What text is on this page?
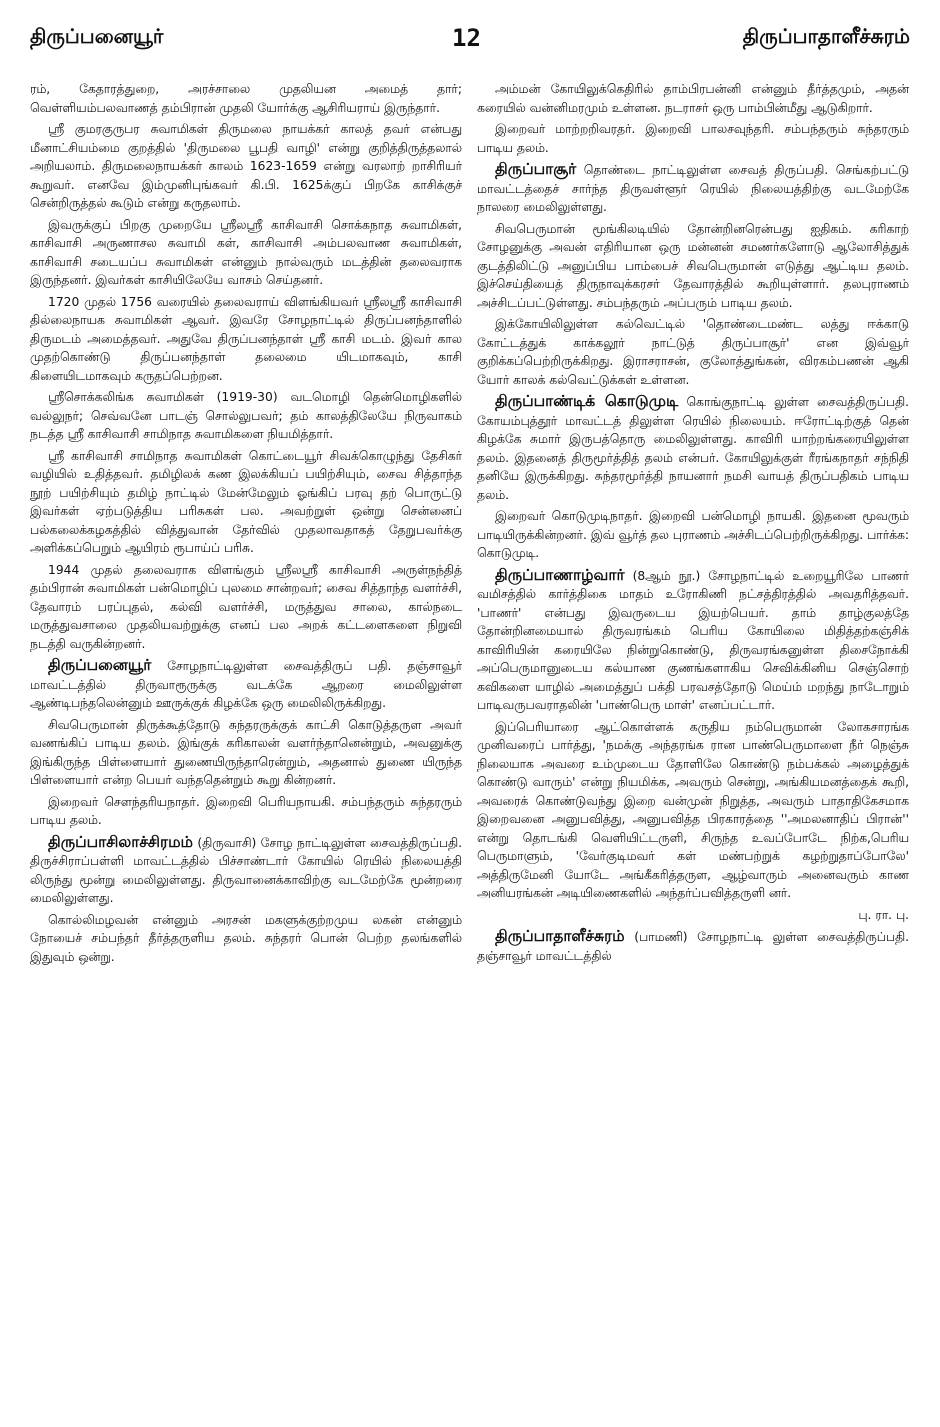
திருப்பனையூர்	12	திருப்பாதாளீச்சுரம்

ரம், கேதாரத்துறை, அரச்சாலை முதலியன அமைத் தார்; வெள்ளியம்பலவாணத் தம்பிரான் முதலி யோர்க்கு ஆசிரியராய் இருந்தார்.

ஸ்ரீ குமரகுருபர சுவாமிகள் திருமலை நாயக்கர் காலத் தவர் என்பது மீனாட்சியம்மை குறத்தில் 'திருமலை பூபதி வாழி' என்று குறித்திருத்தலால் அறியலாம். திருமலைநாயக்கர் காலம் 1623-1659 என்று வரலாற் றாசிரியர் கூறுவர். எனவே இம்முனிபுங்கவர் கி.பி. 1625க்குப் பிறகே காசிக்குச் சென்றிருத்தல் கூடும் என்று கருதலாம்.

இவருக்குப் பிறகு முறையே ஸ்ரீலஸ்ரீ காசிவாசி சொக்கநாத சுவாமிகள், காசிவாசி அருணாசல சுவாமி கள், காசிவாசி அம்பலவாண சுவாமிகள், காசிவாசி சடையப்ப சுவாமிகள் என்னும் நால்வரும் மடத்தின் தலைவராக இருந்தனர். இவர்கள் காசியிலேயே வாசம் செய்தனர்.

1720 முதல் 1756 வரையில் தலைவராய் விளங்கியவர் ஸ்ரீலஸ்ரீ காசிவாசி தில்லைநாயக சுவாமிகள் ஆவர். இவரே சோழநாட்டில் திருப்பனந்தாளில் திருமடம் அமைத்தவர். அதுவே திருப்பனந்தாள் ஸ்ரீ காசி மடம். இவர் கால முதற்கொண்டு திருப்பனந்தாள் தலைமை யிடமாகவும், காசி கிளையிடமாகவும் கருதப்பெற்றன.

ஸ்ரீசொக்கலிங்க சுவாமிகள் (1919-30) வடமொழி தென்மொழிகளில் வல்லுநர்; செவ்வனே பாடஞ் சொல்லுபவர்; தம் காலத்திலேயே நிருவாகம் நடத்த ஸ்ரீ காசிவாசி சாமிநாத சுவாமிகளை நியமித்தார்.

ஸ்ரீ காசிவாசி சாமிநாத சுவாமிகள் கொட்டையூர் சிவக்கொழுந்து தேசிகர் வழியில் உதித்தவர். தமிழிலக் கண இலக்கியப் பயிற்சியும், சைவ சித்தாந்த நூற் பயிற்சியும் தமிழ் நாட்டில் மேன்மேலும் ஓங்கிப் பரவு தற் பொருட்டு இவர்கள் ஏற்படுத்திய பரிசுகள் பல. அவற்றுள் ஒன்று சென்னைப் பல்கலைக்கழகத்தில் வித்துவான் தேர்வில் முதலாவதாகத் தேறுபவர்க்கு அளிக்கப்பெறும் ஆயிரம் ரூபாய்ப் பரிசு.

1944 முதல் தலைவராக விளங்கும் ஸ்ரீலஸ்ரீ காசிவாசி அருள்நந்தித் தம்பிரான் சுவாமிகள் பன்மொழிப் புலமை சான்றவர்; சைவ சித்தாந்த வளர்ச்சி, தேவாரம் பரப்புதல், கல்வி வளர்ச்சி, மருத்துவ சாலை, கால்நடை மருத்துவசாலை முதலியவற்றுக்கு எனப் பல அறக் கட்டளைகளை நிறுவி நடத்தி வருகின்றனர்.

திருப்பனையூர் சோழநாட்டிலுள்ள சைவத்திருப் பதி. தஞ்சாவூர் மாவட்டத்தில் திருவாரூருக்கு வடக்கே ஆறரை மைலிலுள்ள ஆண்டிபந்தலென்னும் ஊருக்குக் கிழக்கே ஒரு மைலிலிருக்கிறது.

சிவபெருமான் திருக்கூத்தோடு சுந்தரருக்குக் காட்சி கொடுத்தருள அவர் வணங்கிப் பாடிய தலம். இங்குக் கரிகாலன் வளர்ந்தானென்றும், அவனுக்கு இங்கிருந்த பிள்ளையார் துணையிருந்தாரென்றும், அதனால் துணை யிருந்த பிள்ளையார் என்ற பெயர் வந்ததென்றும் கூறு கின்றனர்.

இறைவர் சௌந்தரியநாதர். இறைவி பெரியநாயகி. சம்பந்தரும் சுந்தரரும் பாடிய தலம்.

திருப்பாசிலாச்சிரமம் (திருவாசி) சோழ நாட்டிலுள்ள சைவத்திருப்பதி. திருச்சிராப்பள்ளி மாவட்டத்தில் பிச்சாண்டார் கோயில் ரெயில் நிலையத்தி லிருந்து மூன்று மைலிலுள்ளது. திருவானைக்காவிற்கு வடமேற்கே மூன்றரை மைலிலுள்ளது.

கொல்லிமழவன் என்னும் அரசன் மகளுக்குற்றமுய லகன் என்னும் நோயைச் சம்பந்தர் தீர்த்தருளிய தலம். சுந்தரர் பொன் பெற்ற தலங்களில் இதுவும் ஒன்று.

அம்மன் கோயிலுக்கெதிரில் தாம்பிரபன்னி என்னும் தீர்த்தமும், அதன் கரையில் வன்னிமரமும் உள்ளன. நடராசர் ஒரு பாம்பின்மீது ஆடுகிறார்.

இறைவர் மாற்றறிவரதர். இறைவி பாலசவுந்தரி. சம்பந்தரும் சுந்தரரும் பாடிய தலம்.

திருப்பாசூர் தொண்டை நாட்டிலுள்ள சைவத் திருப்பதி. செங்கற்பட்டு மாவட்டத்தைச் சார்ந்த திருவள்ளூர் ரெயில் நிலையத்திற்கு வடமேற்கே நாலரை மைலிலுள்ளது.

சிவபெருமான் மூங்கிலடியில் தோன்றினரென்பது ஐதிகம். கரிகாற் சோழனுக்கு அவன் எதிரியான ஒரு மன்னன் சமணர்களோடு ஆலோசித்துக் குடத்திலிட்டு அனுப்பிய பாம்பைச் சிவபெருமான் எடுத்து ஆட்டிய தலம். இச்செய்தியைத் திருநாவுக்கரசர் தேவாரத்தில் கூறியுள்ளார். தலபுராணம் அச்சிடப்பட்டுள்ளது. சம்பந்தரும் அப்பரும் பாடிய தலம்.

இக்கோயிலிலுள்ள கல்வெட்டில் 'தொண்டைமண்ட லத்து ஈக்காடு கோட்டத்துக் காக்கலூர் நாட்டுத் திருப்பாசூர்' என இவ்வூர் குறிக்கப்பெற்றிருக்கிறது. இராசராசன், குலோத்துங்கன், விரகம்பணன் ஆகி யோர் காலக் கல்வெட்டுக்கள் உள்ளன.

திருப்பாண்டிக் கொடுமுடி கொங்குநாட்டி லுள்ள சைவத்திருப்பதி. கோயம்புத்தூர் மாவட்டத் திலுள்ள ரெயில் நிலையம். ஈரோட்டிற்குத் தென் கிழக்கே சுமார் இருபத்தொரு மைலிலுள்ளது. காவிரி யாற்றங்கரையிலுள்ள தலம். இதனைத் திருமூர்த்தித் தலம் என்பர். கோயிலுக்குள் ரீரங்கநாதர் சந்நிதி தனியே இருக்கிறது. சுந்தரமூர்த்தி நாயனார் நமசி வாயத் திருப்பதிகம் பாடிய தலம்.

இறைவர் கொடுமுடிநாதர். இறைவி பன்மொழி நாயகி. இதனை மூவரும் பாடியிருக்கின்றனர். இவ் வூர்த் தல புராணம் அச்சிடப்பெற்றிருக்கிறது. பார்க்க: கொடுமுடி.

திருப்பாணாழ்வார் (8ஆம் நூ.) சோழநாட்டில் உறையூரிலே பாணர் வமிசத்தில் கார்த்திகை மாதம் உரோகிணி நட்சத்திரத்தில் அவதரித்தவர். 'பாணர்' என்பது இவருடைய இயற்பெயர். தாம் தாழ்குலத்தே தோன்றினமையால் திருவரங்கம் பெரிய கோயிலை மிதித்தற்கஞ்சிக் காவிரியின் கரையிலே நின்றுகொண்டு, திருவரங்கனுள்ள திசைநோக்கி அப்பெருமானுடைய கல்யாண குணங்களாகிய செவிக்கினிய செஞ்சொற் கவிகளை யாழில் அமைத்துப் பக்தி பரவசத்தோடு மெய்ம் மறந்து நாடோறும் பாடிவருபவராதலின் 'பாண்பெரு மாள்' எனப்பட்டார்.

இப்பெரியாரை ஆட்கொள்ளக் கருதிய நம்பெருமான் லோகசாரங்க முனிவரைப் பார்த்து, 'நமக்கு அந்தரங்க ரான பாண்பெருமாளை நீர் நெஞ்சு நிலையாக அவரை உம்முடைய தோளிலே கொண்டு நம்பக்கல் அழைத்துக் கொண்டு வாரும்' என்று நியமிக்க, அவரும் சென்று, அங்கியமனத்தைக் கூறி, அவரைக் கொண்டுவந்து இறை வன்முன் நிறுத்த, அவரும் பாதாதிகேசமாக இறைவனை அனுபவித்து, அனுபவித்த பிரகாரத்தை ''அமலனாதிப் பிரான்'' என்று தொடங்கி வெளியிட்டருளி, சிருந்த உவப்போடே நிற்க,பெரிய பெருமாளும், 'வேர்குடிமவர் கள் மண்பற்றுக் கழற்றுதாப்போலே' அத்திருமேனி யோடே அங்கீகரித்தருள, ஆழ்வாரும் அனைவரும் காண அனியரங்கன் அடியிணைகளில் அந்தர்ப்பவித்தருளி னர்.

பு. ரா. பு.

திருப்பாதாளீச்சுரம் (பாமணி) சோழநாட்டி லுள்ள சைவத்திருப்பதி. தஞ்சாவூர் மாவட்டத்தில்
